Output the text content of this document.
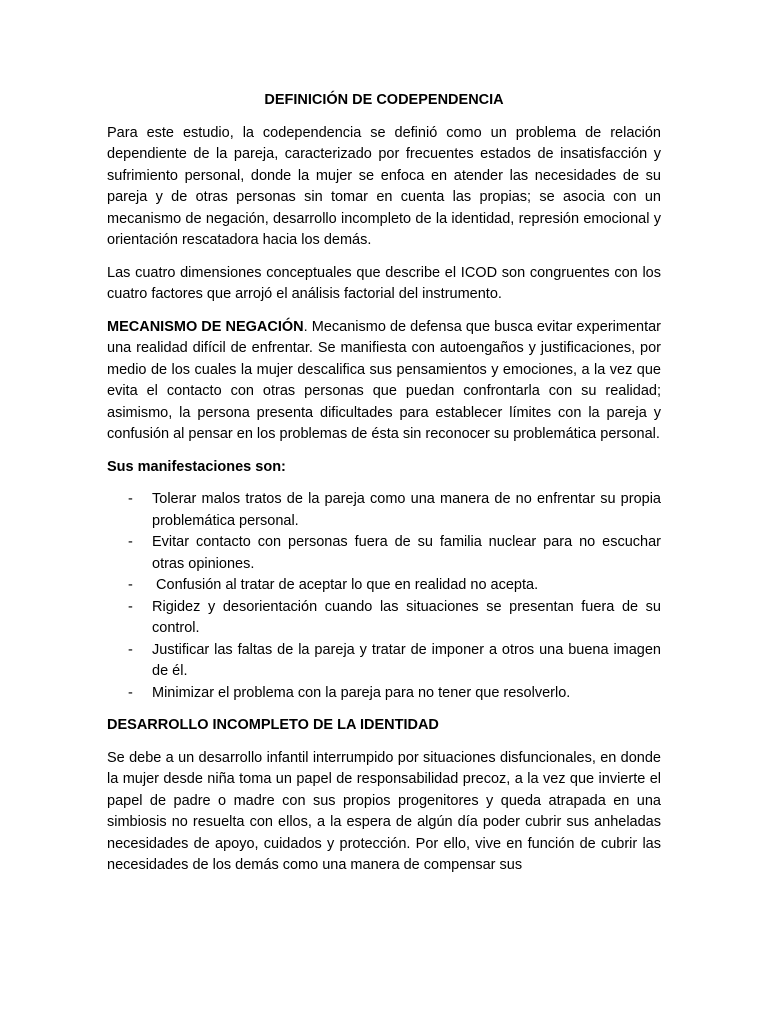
DEFINICIÓN DE CODEPENDENCIA

Para este estudio, la codependencia se definió como un problema de relación dependiente de la pareja, caracterizado por frecuentes estados de insatisfacción y sufrimiento personal, donde la mujer se enfoca en atender las necesidades de su pareja y de otras personas sin tomar en cuenta las propias; se asocia con un mecanismo de negación, desarrollo incompleto de la identidad, represión emocional y orientación rescatadora hacia los demás.

Las cuatro dimensiones conceptuales que describe el ICOD son congruentes con los cuatro factores que arrojó el análisis factorial del instrumento.

MECANISMO DE NEGACIÓN. Mecanismo de defensa que busca evitar experimentar una realidad difícil de enfrentar. Se manifiesta con autoengaños y justificaciones, por medio de los cuales la mujer descalifica sus pensamientos y emociones, a la vez que evita el contacto con otras personas que puedan confrontarla con su realidad; asimismo, la persona presenta dificultades para establecer límites con la pareja y confusión al pensar en los problemas de ésta sin reconocer su problemática personal.

Sus manifestaciones son:
-	Tolerar malos tratos de la pareja como una manera de no enfrentar su propia problemática personal.
-	Evitar contacto con personas fuera de su familia nuclear para no escuchar otras opiniones.
-	Confusión al tratar de aceptar lo que en realidad no acepta.
-	Rigidez y desorientación cuando las situaciones se presentan fuera de su control.
-	Justificar las faltas de la pareja y tratar de imponer a otros una buena imagen de él.
-	Minimizar el problema con la pareja para no tener que resolverlo.
DESARROLLO INCOMPLETO DE LA IDENTIDAD

Se debe a un desarrollo infantil interrumpido por situaciones disfuncionales, en donde la mujer desde niña toma un papel de responsabilidad precoz, a la vez que invierte el papel de padre o madre con sus propios progenitores y queda atrapada en una simbiosis no resuelta con ellos, a la espera de algún día poder cubrir sus anheladas necesidades de apoyo, cuidados y protección. Por ello, vive en función de cubrir las necesidades de los demás como una manera de compensar sus
